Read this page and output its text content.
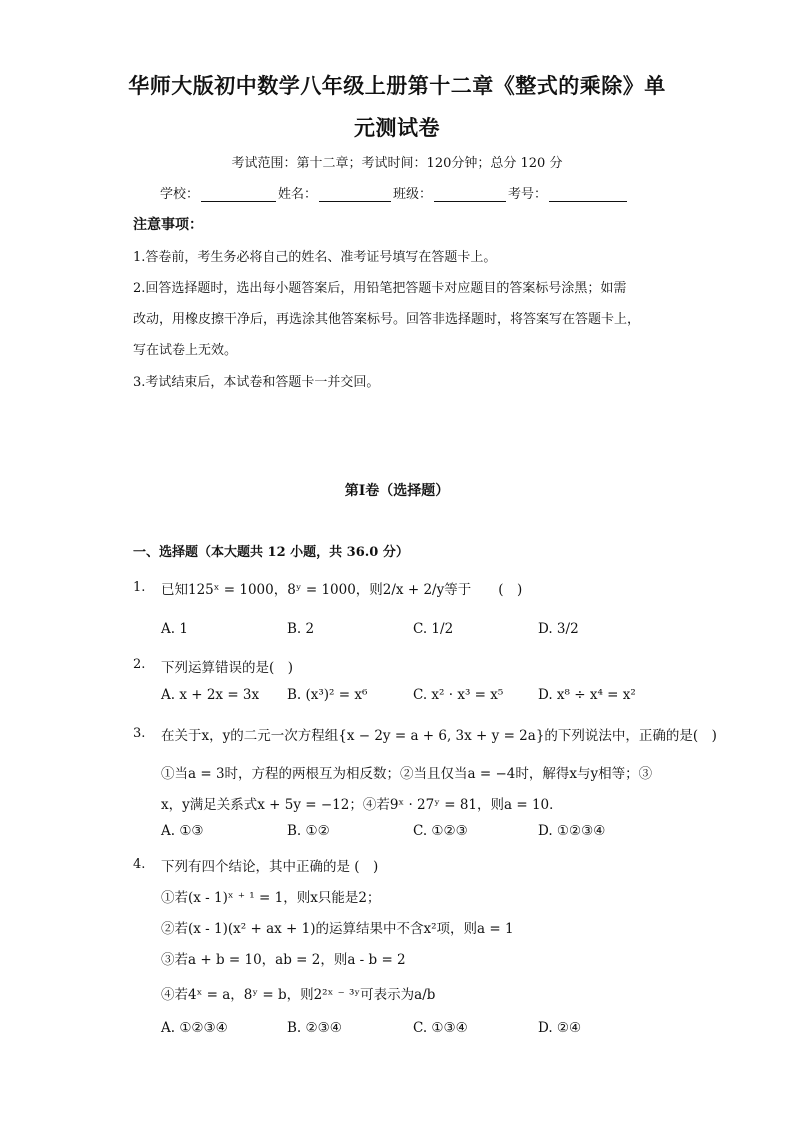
华师大版初中数学八年级上册第十二章《整式的乘除》单
元测试卷
考试范围：第十二章；考试时间：120分钟；总分 120 分
学校：	姓名：	班级：	考号：
注意事项：
1.答卷前，考生务必将自己的姓名、准考证号填写在答题卡上。
2.回答选择题时，选出每小题答案后，用铅笔把答题卡对应题目的答案标号涂黑；如需
改动，用橡皮擦干净后，再选涂其他答案标号。回答非选择题时，将答案写在答题卡上，
写在试卷上无效。
3.考试结束后，本试卷和答题卡一并交回。
第Ⅰ卷（选择题）
一、选择题（本大题共 12 小题，共 36.0 分）
1. 已知125ˣ = 1000，8ʸ = 1000，则2/x + 2/y等于　　(　)
A. 1	B. 2	C. 1/2	D. 3/2
2. 下列运算错误的是(　)
A. x + 2x = 3x B. (x³)² = x⁶	C. x² · x³ = x⁵	D. x⁸ ÷ x⁴ = x²
3. 在关于x，y的二元一次方程组{x − 2y = a + 6, 3x + y = 2a}的下列说法中，正确的是(　)
①当a = 3时，方程的两根互为相反数；②当且仅当a = −4时，解得x与y相等；③
x，y满足关系式x + 5y = −12；④若9ˣ · 27ʸ = 81，则a = 10．
A. ①③	B. ①②	C. ①②③	D. ①②③④
4. 下列有四个结论，其中正确的是 (　)
①若(x - 1)ˣ ⁺ ¹ = 1，则x只能是2；
②若(x - 1)(x² + ax + 1)的运算结果中不含x²项，则a = 1
③若a + b = 10，ab = 2，则a - b = 2
④若4ˣ = a，8ʸ = b，则2²ˣ ⁻ ³ʸ可表示为a/b
A. ①②③④	B. ②③④	C. ①③④	D. ②④
